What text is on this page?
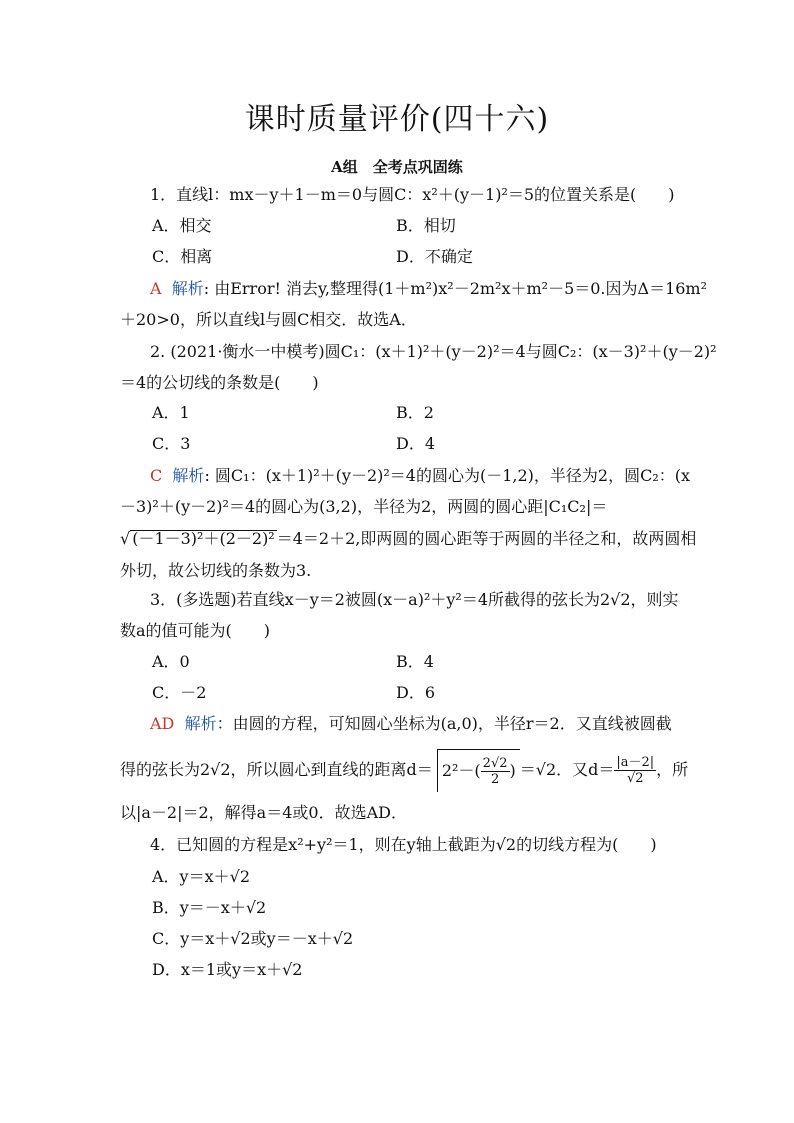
课时质量评价(四十六)
A组　全考点巩固练
1．直线l：mx－y＋1－m＝0与圆C：x²＋(y－1)²＝5的位置关系是(　　)
A．相交	B．相切
C．相离	D．不确定
A 解析: 由Error! 消去y,整理得(1＋m²)x²－2m²x＋m²－5＝0.因为Δ＝16m²
＋20>0，所以直线l与圆C相交．故选A．
2. (2021·衡水一中模考)圆C₁：(x＋1)²＋(y－2)²＝4与圆C₂：(x－3)²＋(y－2)²
＝4的公切线的条数是(　　)
A．1	B．2
C．3	D．4
C 解析: 圆C₁：(x＋1)²＋(y－2)²＝4的圆心为(－1,2)，半径为2，圆C₂：(x
－3)²＋(y－2)²＝4的圆心为(3,2)，半径为2，两圆的圆心距|C₁C₂|＝
√ (－1－3)²＋(2－2)² ＝4＝2＋2,即两圆的圆心距等于两圆的半径之和，故两圆相
外切，故公切线的条数为3.
3．(多选题)若直线x－y＝2被圆(x－a)²＋y²＝4所截得的弦长为2√2，则实
数a的值可能为(　　)
A．0	B．4
C．－2	D．6
AD 解析：由圆的方程，可知圆心坐标为(a,0)，半径r＝2．又直线被圆截
得的弦长为2√2，所以圆心到直线的距离$d= 2^2-( \frac{2√2}{2}$ ) ＝√2．又$d= \frac{|a-2|}{√2}$ ，所
以|a－2|＝2，解得a＝4或0．故选AD．
4．已知圆的方程是x²+y²＝1，则在y轴上截距为√2的切线方程为(　　)
A．y＝x＋√2
B．y＝－x＋√2
C．y＝x＋√2或y＝－x＋√2
D．x＝1或y＝x＋√2
